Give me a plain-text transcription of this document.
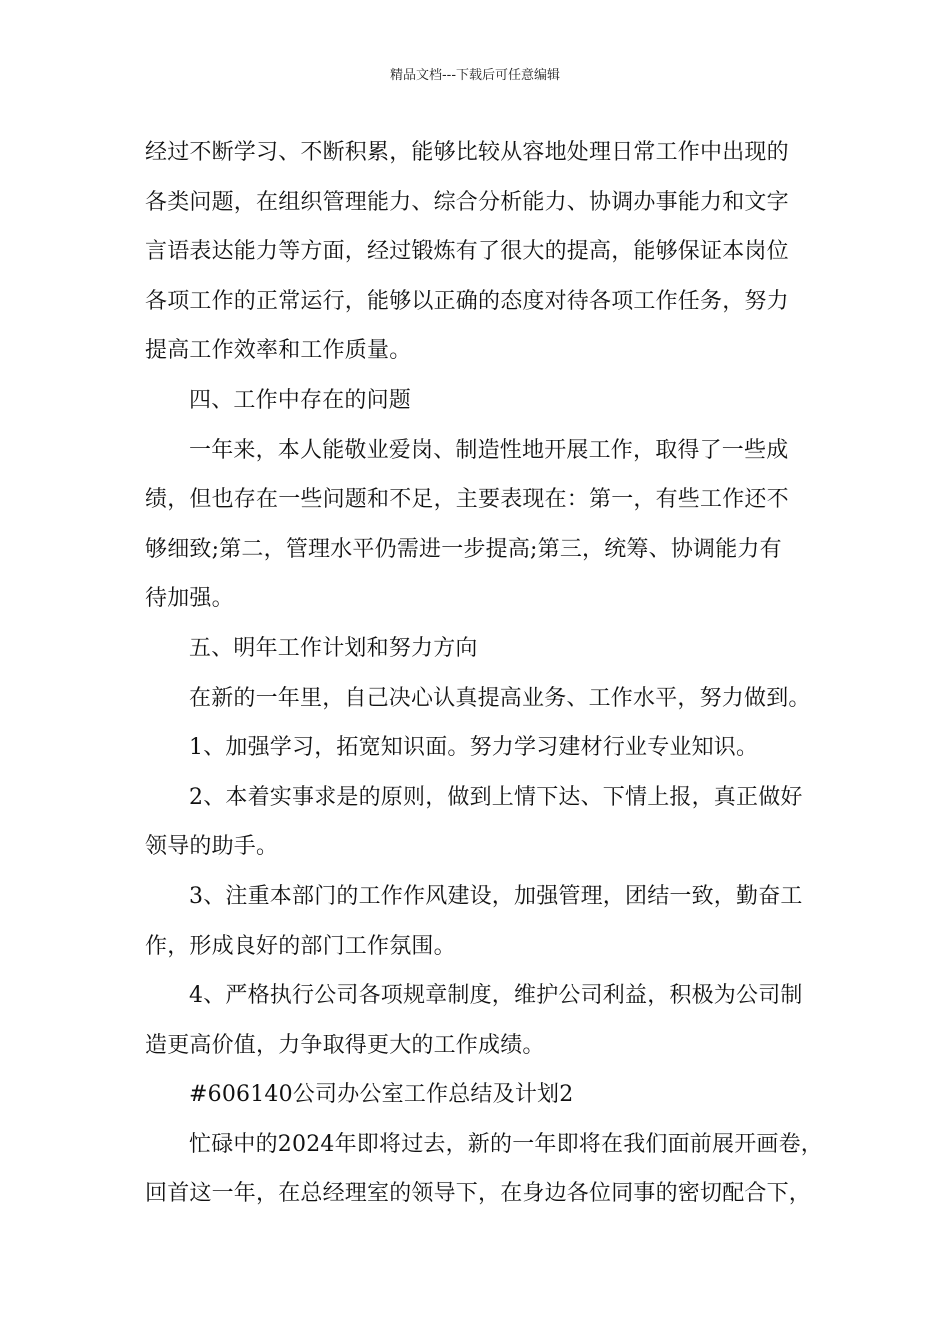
精品文档---下载后可任意编辑
经过不断学习、不断积累，能够比较从容地处理日常工作中出现的
各类问题，在组织管理能力、综合分析能力、协调办事能力和文字
言语表达能力等方面，经过锻炼有了很大的提高，能够保证本岗位
各项工作的正常运行，能够以正确的态度对待各项工作任务，努力
提高工作效率和工作质量。
四、工作中存在的问题
一年来，本人能敬业爱岗、制造性地开展工作，取得了一些成
绩，但也存在一些问题和不足，主要表现在：第一，有些工作还不
够细致;第二，管理水平仍需进一步提高;第三，统筹、协调能力有
待加强。
五、明年工作计划和努力方向
在新的一年里，自己决心认真提高业务、工作水平，努力做到。
1、加强学习，拓宽知识面。努力学习建材行业专业知识。
2、本着实事求是的原则，做到上情下达、下情上报，真正做好
领导的助手。
3、注重本部门的工作作风建设，加强管理，团结一致，勤奋工
作，形成良好的部门工作氛围。
4、严格执行公司各项规章制度，维护公司利益，积极为公司制
造更高价值，力争取得更大的工作成绩。
#606140公司办公室工作总结及计划2
忙碌中的2024年即将过去，新的一年即将在我们面前展开画卷，
回首这一年，在总经理室的领导下，在身边各位同事的密切配合下，
